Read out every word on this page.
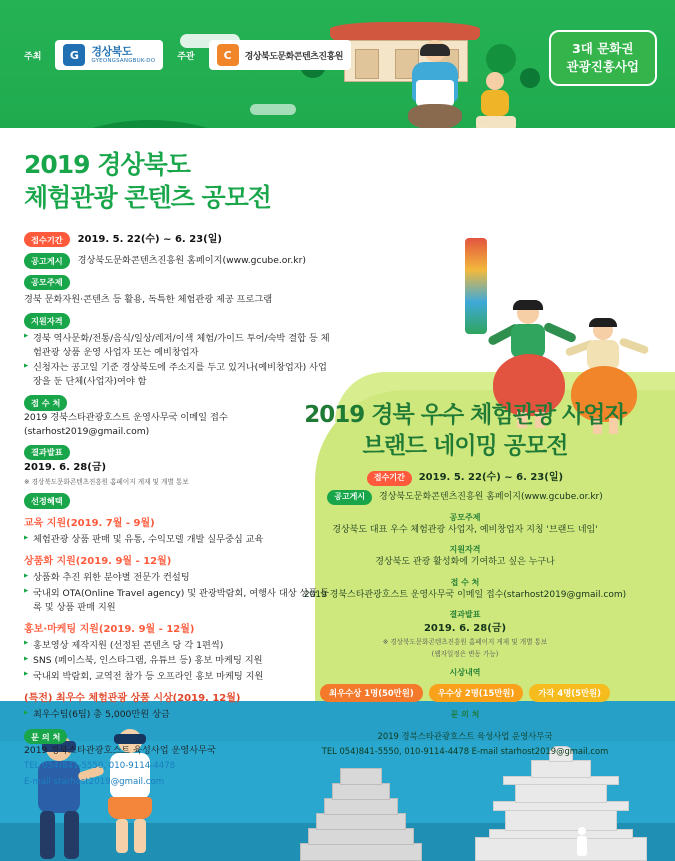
주최	G	경상북도
GYEONGSANGBUK-DO 주관	C	경상북도문화콘텐츠진흥원
3대 문화권
관광진흥사업
2019 경상북도
체험관광 콘텐츠 공모전
접수기간 2019. 5. 22(수) ~ 6. 23(일)
공고게시 경상북도문화콘텐츠진흥원 홈페이지(www.gcube.or.kr)
공모주제
경북 문화자원·콘텐츠 등 활용, 독특한 체험관광 제공 프로그램
지원자격
▶ 경북 역사문화/전통/음식/일상/레저/이색 체험/가이드 투어/숙박 결합 등 체험관광 상품 운영 사업자 또는 예비창업자
▶ 신청자는 공고일 기준 경상북도에 주소지를 두고 있거나(예비창업자) 사업장을 둔 단체(사업자)여야 함
접 수 처
2019 경북스타관광호스트 운영사무국 이메일 접수
(starhost2019@gmail.com)
결과발표
2019. 6. 28(금)
※ 경상북도문화콘텐츠진흥원 홈페이지 게재 및 개별 통보
선정혜택
교육 지원(2019. 7월 - 9월)
▶ 체험관광 상품 판매 및 유통, 수익모델 개발 실무중심 교육
상품화 지원(2019. 9월 - 12월)
▶ 상품화 추진 위한 분야별 전문가 컨설팅
▶ 국내외 OTA(Online Travel agency) 및 관광박람회, 여행사 대상 상품 등록 및 상품 판매 지원
홍보·마케팅 지원(2019. 9월 - 12월)
▶ 홍보영상 제작지원 (선정된 콘텐츠 당 각 1편씩)
▶ SNS (페이스북, 인스타그램, 유튜브 등) 홍보 마케팅 지원
▶ 국내외 박람회, 교역전 참가 등 오프라인 홍보 마케팅 지원
(특전) 최우수 체험관광 상품 시상(2019. 12월)
▶ 최우수팀(6팀) 총 5,000만원 상금
문 의 처
2019 경북스타관광호스트 육성사업 운영사무국
TEL 054)841-5550, 010-9114-4478
E-mail starhost2019@gmail.com
2019 경북 우수 체험관광 사업자
브랜드 네이밍 공모전
접수기간 2019. 5. 22(수) ~ 6. 23(일)
공고게시 경상북도문화콘텐츠진흥원 홈페이지(www.gcube.or.kr)
공모주제
경상북도 대표 우수 체험관광 사업자, 예비창업자 지칭 '브랜드 네임'
지원자격
경상북도 관광 활성화에 기여하고 싶은 누구나
접 수 처
2019 경북스타관광호스트 운영사무국 이메일 접수(starhost2019@gmail.com)
결과발표
2019. 6. 28(금)
※ 경상북도문화콘텐츠진흥원 홈페이지 게재 및 개별 통보
(웹자일정은 변동 가능)
시상내역
최우수상 1명(50만원)	우수상 2명(15만원)	가작 4명(5만원)
문 의 처
2019 경북스타관광호스트 육성사업 운영사무국
TEL 054)841-5550, 010-9114-4478 E-mail starhost2019@gmail.com
